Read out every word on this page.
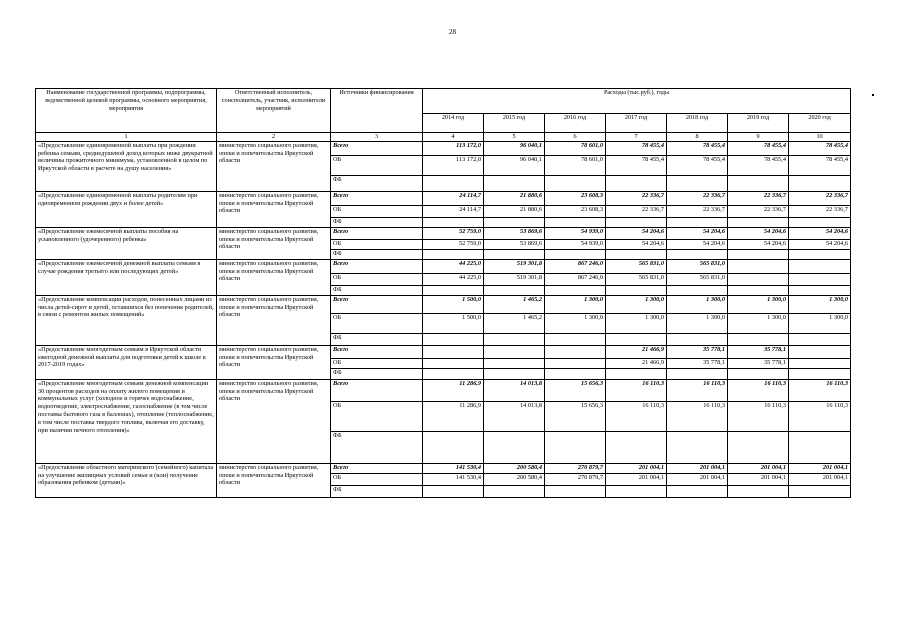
28
Наименование государственной программы, подпрограммы, ведомственной целевой программы, основного мероприятия, мероприятия	Ответственный исполнитель, соисполнитель, участник, исполнители мероприятий	Источники финансирования	Расходы (тыс.руб.), годы						
			2014 год	2015 год	2016 год	2017 год	2018 год	2019 год	2020 год
1	2	3	4	5	6	7	8	9	10
«Предоставление единовременной выплаты при рождении ребенка семьям, среднедушевой доход которых ниже двукратной величины прожиточного минимума, установленной в целом по Иркутской области в расчете на душу населения»	министерство социального развития, опеки и попечительства Иркутской области	Всего	113 172,0	96 040,1	78 601,0	78 455,4	78 455,4	78 455,4	78 455,4
		ОБ	113 172,0	96 040,1	78 601,0	78 455,4	78 455,4	78 455,4	78 455,4
		ФБ							
«Предоставление единовременной выплаты родителям при одновременном рождении двух и более детей»	министерство социального развития, опеки и попечительства Иркутской области	Всего	24 114,7	21 880,6	23 608,3	22 336,7	22 336,7	22 336,7	22 336,7
		ОБ	24 114,7	21 880,6	23 608,3	22 336,7	22 336,7	22 336,7	22 336,7
		ФБ							
«Предоставление ежемесячной выплаты пособия на усыновленного (удочеренного) ребенка»	министерство социального развития, опеки и попечительства Иркутской области	Всего	52 759,0	53 869,6	54 939,0	54 204,6	54 204,6	54 204,6	54 204,6
		ОБ	52 759,0	53 869,6	54 939,0	54 204,6	54 204,6	54 204,6	54 204,6
		ФБ							
«Предоставление ежемесячной денежной выплаты семьям в случае рождения третьего или последующих детей»	министерство социального развития, опеки и попечительства Иркутской области	Всего	44 225,0	519 301,8	867 246,0	565 831,0	565 831,0		
		ОБ	44 225,0	519 301,8	867 246,0	565 831,0	565 831,0		
		ФБ							
«Предоставление компенсации расходов, понесенных лицами из числа детей-сирот и детей, оставшихся без попечения родителей, в связи с ремонтом жилых помещений»	министерство социального развития, опеки и попечительства Иркутской области	Всего	1 500,0	1 465,2	1 300,0	1 300,0	1 300,0	1 300,0	1 300,0
		ОБ	1 500,0	1 465,2	1 300,0	1 300,0	1 300,0	1 300,0	1 300,0
		ФБ							
«Предоставление многодетным семьям в Иркутской области ежегодной денежной выплаты для подготовки детей к школе в 2017-2019 годах»	министерство социального развития, опеки и попечительства Иркутской области	Всего				21 466,9	35 778,1	35 778,1	
		ОБ				21 466,9	35 778,1	35 778,1	
		ФБ							
«Предоставление многодетным семьям денежной компенсации 30 процентов расходов на оплату жилого помещения и коммунальных услуг (холодное и горячее водоснабжение, водоотведение, электроснабжение, газоснабжение (в том числе поставка бытового газа в баллонах), отопление (теплоснабжение, в том числе поставка твердого топлива, включая его доставку, при наличии печного отопления)»	министерство социального развития, опеки и попечительства Иркутской области	Всего	11 286,9	14 013,8	15 656,3	16 110,3	16 110,3	16 110,3	16 110,3
		ОБ	11 286,9	14 013,8	15 656,3	16 110,3	16 110,3	16 110,3	16 110,3
		ФБ							
«Предоставление областного материнского (семейного) капитала на улучшение жилищных условий семьи и (или) получение образования ребенком (детьми)»	министерство социального развития, опеки и попечительства Иркутской области	Всего	141 530,4	200 580,4	270 879,7	201 004,1	201 004,1	201 004,1	201 004,1
		ОБ	141 530,4	200 580,4	270 879,7	201 004,1	201 004,1	201 004,1	201 004,1
		ФБ							
